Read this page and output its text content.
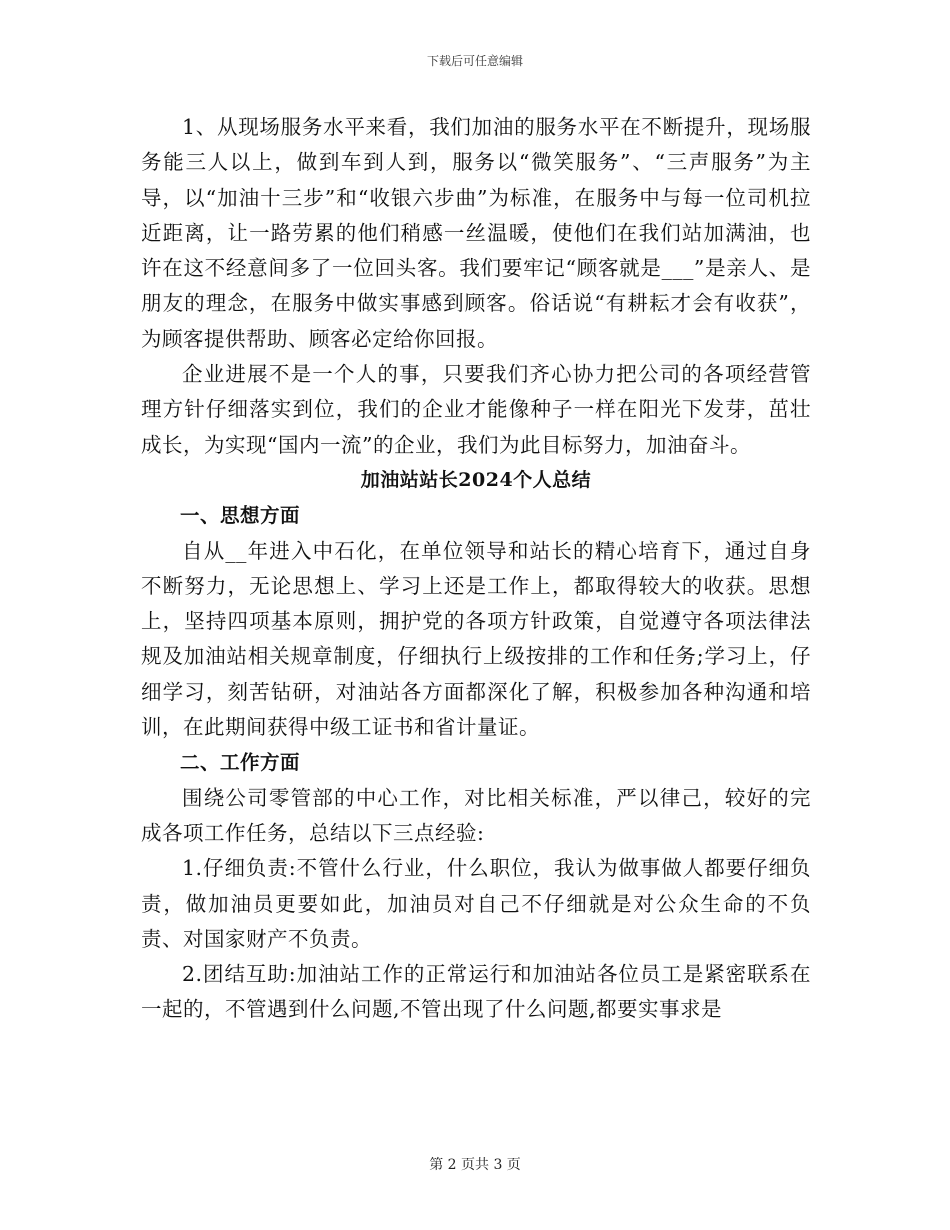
下载后可任意编辑

1、从现场服务水平来看，我们加油的服务水平在不断提升，现场服务能三人以上，做到车到人到，服务以“微笑服务”、“三声服务”为主导，以“加油十三步”和“收银六步曲”为标准，在服务中与每一位司机拉近距离，让一路劳累的他们稍感一丝温暖，使他们在我们站加满油，也许在这不经意间多了一位回头客。我们要牢记“顾客就是___”是亲人、是朋友的理念，在服务中做实事感到顾客。俗话说“有耕耘才会有收获”，为顾客提供帮助、顾客必定给你回报。

企业进展不是一个人的事，只要我们齐心协力把公司的各项经营管理方针仔细落实到位，我们的企业才能像种子一样在阳光下发芽，茁壮成长，为实现“国内一流”的企业，我们为此目标努力，加油奋斗。

加油站站长2024个人总结
一、思想方面

自从__年进入中石化，在单位领导和站长的精心培育下，通过自身不断努力，无论思想上、学习上还是工作上，都取得较大的收获。思想上，坚持四项基本原则，拥护党的各项方针政策，自觉遵守各项法律法规及加油站相关规章制度，仔细执行上级按排的工作和任务;学习上，仔细学习，刻苦钻研，对油站各方面都深化了解，积极参加各种沟通和培训，在此期间获得中级工证书和省计量证。

二、工作方面

围绕公司零管部的中心工作，对比相关标准，严以律己，较好的完成各项工作任务，总结以下三点经验:

1.仔细负责:不管什么行业，什么职位，我认为做事做人都要仔细负责，做加油员更要如此，加油员对自己不仔细就是对公众生命的不负责、对国家财产不负责。

2.团结互助:加油站工作的正常运行和加油站各位员工是紧密联系在一起的，不管遇到什么问题,不管出现了什么问题,都要实事求是

第 2 页共 3 页
